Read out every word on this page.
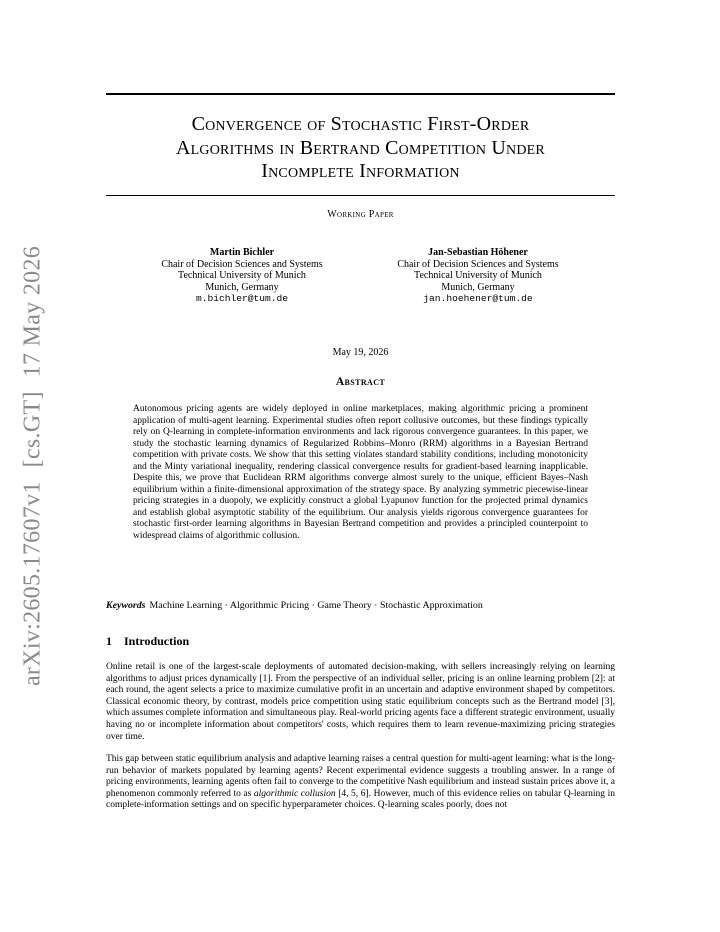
arXiv:2605.17607v1[cs.GT]17 May 2026
Convergence of Stochastic First-Order
Algorithms in Bertrand Competition Under
Incomplete Information
Working Paper
Martin Bichler
Chair of Decision Sciences and Systems
Technical University of Munich
Munich, Germany
m.bichler@tum.de
Jan-Sebastian Höhener
Chair of Decision Sciences and Systems
Technical University of Munich
Munich, Germany
jan.hoehener@tum.de
May 19, 2026
Abstract
Autonomous pricing agents are widely deployed in online marketplaces, making algorithmic pricing a prominent application of multi-agent learning. Experimental studies often report collusive outcomes, but these findings typically rely on Q-learning in complete-information environments and lack rigorous convergence guarantees. In this paper, we study the stochastic learning dynamics of Regularized Robbins–Monro (RRM) algorithms in a Bayesian Bertrand competition with private costs. We show that this setting violates standard stability conditions, including monotonicity and the Minty variational inequality, rendering classical convergence results for gradient-based learning inapplicable. Despite this, we prove that Euclidean RRM algorithms converge almost surely to the unique, efficient Bayes–Nash equilibrium within a finite-dimensional approximation of the strategy space. By analyzing symmetric piecewise-linear pricing strategies in a duopoly, we explicitly construct a global Lyapunov function for the projected primal dynamics and establish global asymptotic stability of the equilibrium. Our analysis yields rigorous convergence guarantees for stochastic first-order learning algorithms in Bayesian Bertrand competition and provides a principled counterpoint to widespread claims of algorithmic collusion.
Keywords Machine Learning · Algorithmic Pricing · Game Theory · Stochastic Approximation
1 Introduction
Online retail is one of the largest-scale deployments of automated decision-making, with sellers increasingly relying on learning algorithms to adjust prices dynamically [1]. From the perspective of an individual seller, pricing is an online learning problem [2]: at each round, the agent selects a price to maximize cumulative profit in an uncertain and adaptive environment shaped by competitors. Classical economic theory, by contrast, models price competition using static equilibrium concepts such as the Bertrand model [3], which assumes complete information and simultaneous play. Real-world pricing agents face a different strategic environment, usually having no or incomplete information about competitors' costs, which requires them to learn revenue-maximizing pricing strategies over time.
This gap between static equilibrium analysis and adaptive learning raises a central question for multi-agent learning: what is the long-run behavior of markets populated by learning agents? Recent experimental evidence suggests a troubling answer. In a range of pricing environments, learning agents often fail to converge to the competitive Nash equilibrium and instead sustain prices above it, a phenomenon commonly referred to as algorithmic collusion [4, 5, 6]. However, much of this evidence relies on tabular Q-learning in complete-information settings and on specific hyperparameter choices. Q-learning scales poorly, does not
